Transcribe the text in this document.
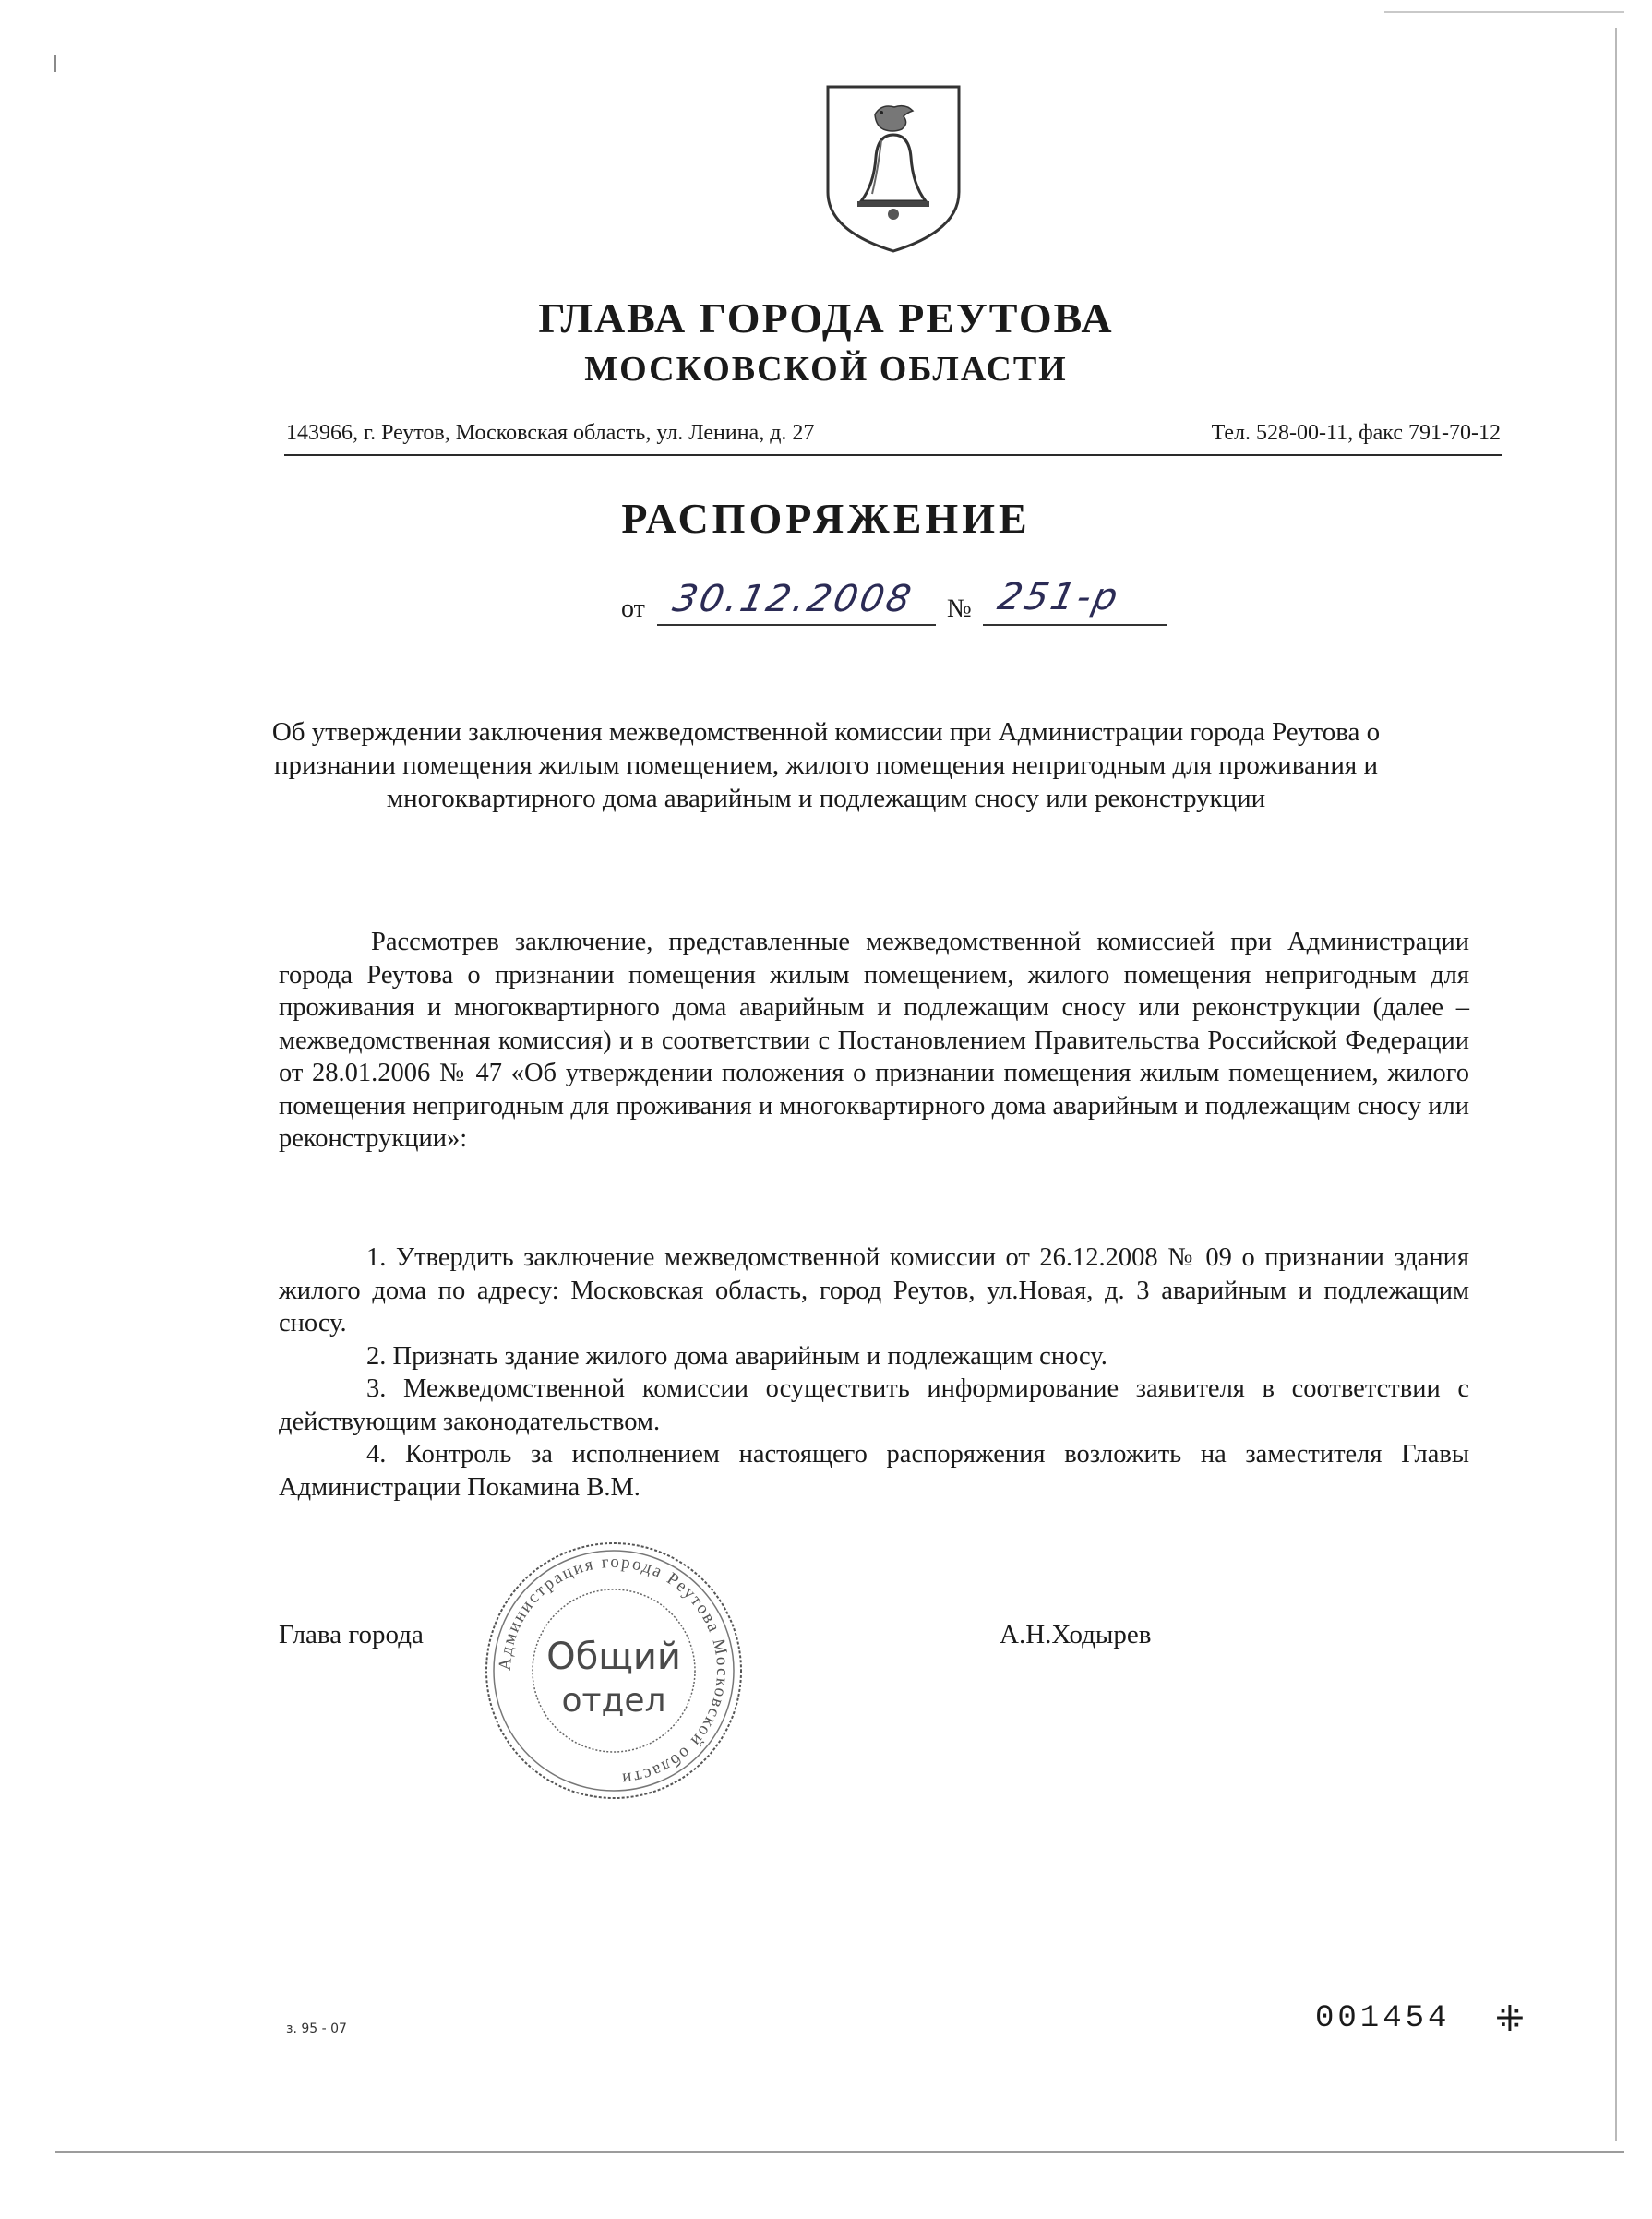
ГЛАВА ГОРОДА РЕУТОВА
МОСКОВСКОЙ ОБЛАСТИ
143966, г. Реутов, Московская область, ул. Ленина, д. 27	Тел. 528-00-11, факс 791-70-12
РАСПОРЯЖЕНИЕ
от 30.12.2008 № 251-р
Об утверждении заключения межведомственной комиссии при Администрации города Реутова о признании помещения жилым помещением, жилого помещения непригодным для проживания и многоквартирного дома аварийным и подлежащим сносу или реконструкции
Рассмотрев заключение, представленные межведомственной комиссией при Администрации города Реутова о признании помещения жилым помещением, жилого помещения непригодным для проживания и многоквартирного дома аварийным и подлежащим сносу или реконструкции (далее – межведомственная комиссия) и в соответствии с Постановлением Правительства Российской Федерации от 28.01.2006 № 47 «Об утверждении положения о признании помещения жилым помещением, жилого помещения непригодным для проживания и многоквартирного дома аварийным и подлежащим сносу или реконструкции»:

1. Утвердить заключение межведомственной комиссии от 26.12.2008 № 09 о признании здания жилого дома по адресу: Московская область, город Реутов, ул.Новая, д. 3 аварийным и подлежащим сносу.

2. Признать здание жилого дома аварийным и подлежащим сносу.

3. Межведомственной комиссии осуществить информирование заявителя в соответствии с действующим законодательством.

4. Контроль за исполнением настоящего распоряжения возложить на заместителя Главы Администрации Покамина В.М.

Администрация города Реутова Московской области
Общий
отдел
Глава города	А.Н.Ходырев
з. 95 - 07	001454 ⁜
